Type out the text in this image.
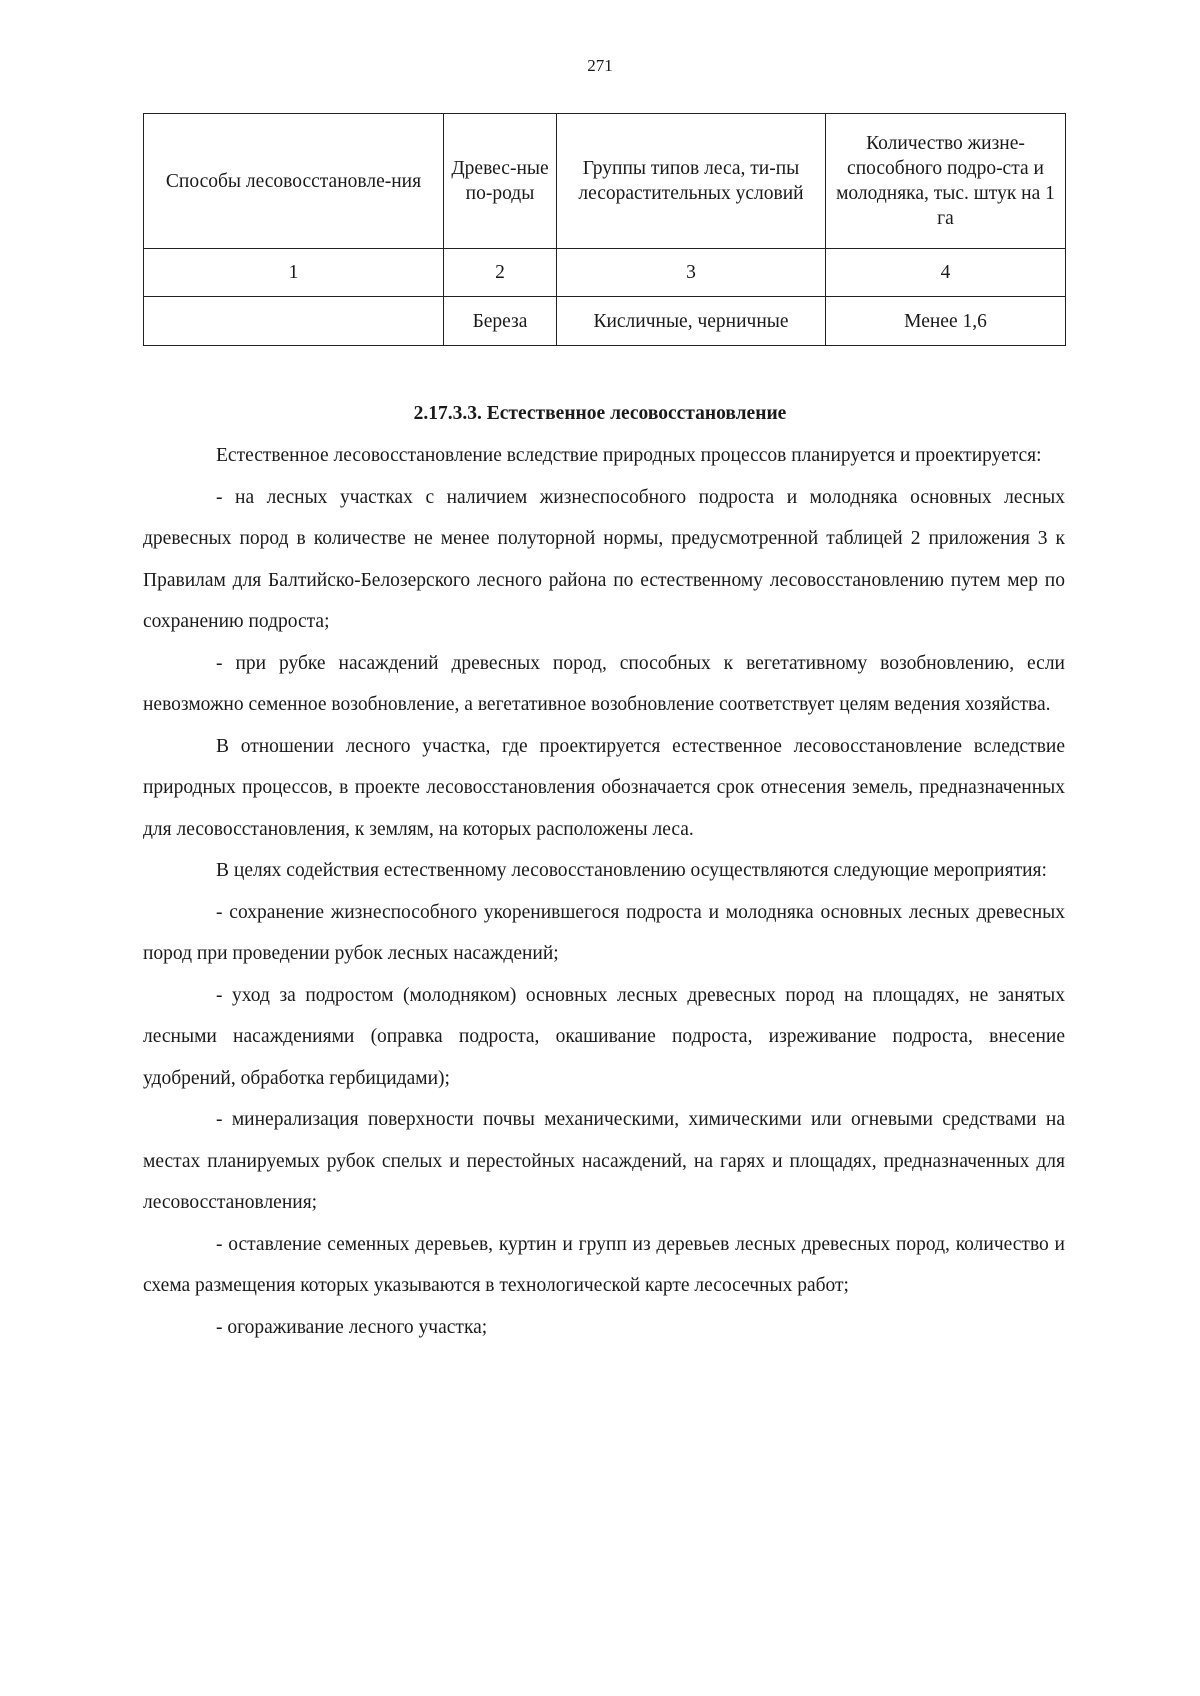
271
Способы лесовосстановле-ния	Древес-ные по-роды	Группы типов леса, ти-пы лесорастительных условий	Количество жизне-способного подро-ста и молодняка, тыс. штук на 1 га
1	2	3	4
	Береза	Кисличные, черничные	Менее 1,6
2.17.3.3. Естественное лесовосстановление

Естественное лесовосстановление вследствие природных процессов планируется и проектируется:

- на лесных участках с наличием жизнеспособного подроста и молодняка основных лесных древесных пород в количестве не менее полуторной нормы, предусмотренной таблицей 2 приложения 3 к Правилам для Балтийско-Белозерского лесного района по естественному лесовосстановлению путем мер по сохранению подроста;

- при рубке насаждений древесных пород, способных к вегетативному возобновлению, если невозможно семенное возобновление, а вегетативное возобновление соответствует целям ведения хозяйства.

В отношении лесного участка, где проектируется естественное лесовосстановление вследствие природных процессов, в проекте лесовосстановления обозначается срок отнесения земель, предназначенных для лесовосстановления, к землям, на которых расположены леса.

В целях содействия естественному лесовосстановлению осуществляются следующие мероприятия:

- сохранение жизнеспособного укоренившегося подроста и молодняка основных лесных древесных пород при проведении рубок лесных насаждений;

- уход за подростом (молодняком) основных лесных древесных пород на площадях, не занятых лесными насаждениями (оправка подроста, окашивание подроста, изреживание подроста, внесение удобрений, обработка гербицидами);

- минерализация поверхности почвы механическими, химическими или огневыми средствами на местах планируемых рубок спелых и перестойных насаждений, на гарях и площадях, предназначенных для лесовосстановления;

- оставление семенных деревьев, куртин и групп из деревьев лесных древесных пород, количество и схема размещения которых указываются в технологической карте лесосечных работ;

- огораживание лесного участка;
